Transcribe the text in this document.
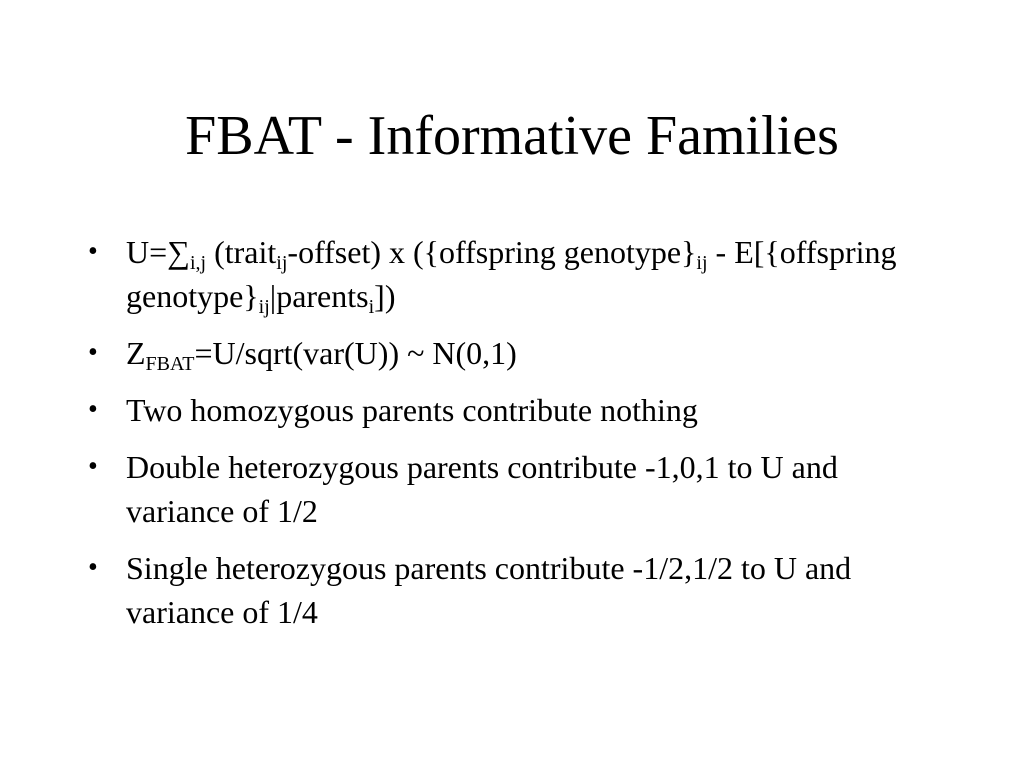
FBAT - Informative Families
• $U=\sum_{i,j}$ (trait$_{ij}$-offset) x ({offspring $genotype\}_{ij}$ - E[{offspring $genotype\}_{ij}|parents_i$])
• $Z_{FBAT}=U/sqrt(var(U))$ ~ N(0,1)
• Two homozygous parents contribute nothing
• Double heterozygous parents contribute -1,0,1 to U and variance of 1/2
• Single heterozygous parents contribute -1/2,1/2 to U and variance of 1/4
